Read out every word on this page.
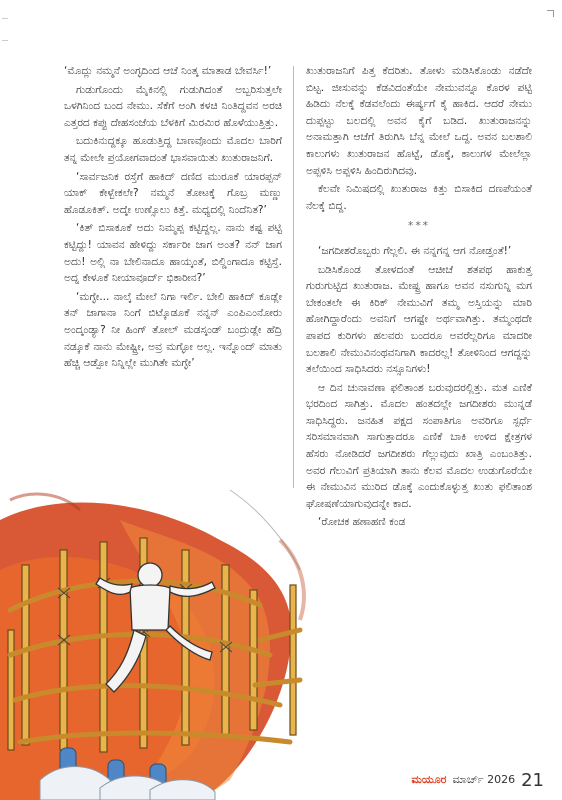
‘ಮೊದ್ಲು ನಮ್ಮನೆ ಅಂಗ್ಳದಿಂದ ಆಚೆ ನಿಂತ್ಕ ಮಾತಾಡ ಬೇವರ್ಸಿ!’

ಗುಡುಗೊಂದು ಮೈಕಿನಲ್ಲಿ ಗುಡುಗಿದಂತೆ ಅಬ್ಬರಿಸುತ್ತಲೇ ಒಳಗಿನಿಂದ ಬಂದ ನೇಮು. ಸೆಕೆಗೆ ಅಂಗಿ ಕಳಚಿ ನಿಂತಿದ್ದವನ ಅರಚಿ ಎತ್ತರದ ಕಪ್ಪು ದೇಹಸಂಜೆಯ ಬೆಳಕಿಗೆ ಮಿರಮಿರ ಹೊಳೆಯುತ್ತಿತ್ತು.

ಬದುಕಿನುದ್ದಕ್ಕೂ ಹೂಡುತ್ತಿದ್ದ ಬಾಣವೊಂದು ಮೊದಲ ಬಾರಿಗೆ ತನ್ನ ಮೇಲೇ ಪ್ರಯೋಗವಾದಂತೆ ಭಾಸವಾಯಿತು ಖುತುರಾಜನಿಗೆ.

‘ಸಾರ್ವಜನಿಕ ರಸ್ತೆಗೆ ಹಾಕಿದ್ ದಣಿದ ಮುರೂಕೆ ಯಾರಪ್ಪನ್ ಯಾಕ್ ಕೇಳ್ಬೇಕಲೇ? ನಮ್ಮನೆ ತೋಟಕ್ಕೆ ಗೊಬ್ರ ಮಣ್ಣು ಹೊಡೂಕಿತ್. ಅದ್ಕೇ ಉಣ್ಸೊಲು ಕಿತ್ತೆ. ಮಧ್ಯದಲ್ಲಿ ನಿಂದೆನಿತ?’

‘ಕಿತ್ ಬಿಸಾಕೂಕೆ ಅದು ನಿಮ್ಮಪ್ಪ ಕಟ್ಟಿದ್ದಲ್ಲ. ನಾನು ಕಷ್ಟ ಪಟ್ಟಿ ಕಟ್ಟಿದ್ದು! ಯಾವನ ಹೇಳಿದ್ದು ಸರ್ಕಾರೀ ಜಾಗ ಅಂತ? ನನ್ ಜಾಗ ಅದು! ಅಲ್ಲಿ ನಾ ಬೇಲಿನಾದೂ ಹಾಯ್ಕಂತೆ, ಬಿಲ್ಡಿಂಗಾದೂ ಕಟ್ಟಿಸ್ತೆ. ಅದ್ನ ಕೇಳೂಕೆ ನೀಯಾವೂರ್ದ್ ಭಿಕಾರೀನ?’

‘ಮಗ್ಳೇ... ನಾಲ್ಕೆ ಮೇಲೆ ನಿಗಾ ಇರ್ಲಿ. ಬೇಲಿ ಹಾಕಿದ್ ಕೂಡ್ಲೇ ತನ್ ಜಾಗಾನಾ ನಿಂಗೆ ಬಿಟ್ಕೊಡೂಕೆ ನನ್ನನ್ ಎಂಪಿಎಂನೋರು ಅಂದ್ಕಂಡ್ಯಾ? ನೀ ಹಿಂಗ್ ತೋಲ್ ಮಡಸ್ಕಂಡ್ ಬಂದ್ರುಡ್ಲೇ ಹೆದ್ರಿ ನಡ್ಕೂಕೆ ನಾನು ಮೇಷ್ಟ್ರೀ, ಅವ್ರ ಮಗ್ಳೋ ಅಲ್ಲ. ಇನ್ನೊಂದ್ ಮಾತು ಹೆಚ್ಚಿ ಆಡ್ಪೋ ನಿನ್ನಿಲ್ಲೇ ಮುಗಿತೇ ಮಗ್ಳೇ’

ಖುತುರಾಜನಿಗೆ ಪಿತ್ತ ಕೆದರಿತು. ತೋಳು ಮಡಿಸಿಕೊಂಡು ನಡೆದೇ ಬಿಟ್ಟ. ಜೀಸುವನ್ನು ಕೆಡವಿದಂತೆಯೇ ನೇಮುವನ್ನೂ ಕೊರಳ ಪಟ್ಟಿ ಹಿಡಿದು ನೆಲಕ್ಕೆ ಕೆಡವಲೆಂದು ಈರ್ಷ್ಯಗೆ ಕೈ ಹಾಕಿದ. ಆದರೆ ನೇಮು ದುಪ್ಪಟ್ಟು ಬಲದಲ್ಲಿ ಅವನ ಕೈಗೆ ಬಡಿದ. ಖುತುರಾಜನನ್ನು ಅನಾಮತ್ತಾಗಿ ಆಚೆಗೆ ತಿರುಗಿಸಿ ಬೆನ್ನ ಮೇಲೆ ಒದ್ದ. ಅವನ ಬಲಶಾಲಿ ಕಾಲುಗಳು ಖುತುರಾಜನ ಹೊಟ್ಟೆ, ಡೊಕ್ಕೆ, ಕಾಲುಗಳ ಮೇಲೆಲ್ಲಾ ಅಪ್ಪಳಿಸಿ ಅಪ್ಪಳಿಸಿ ಹಿಂದಿರುಗಿದವು.

ಕೆಲವೇ ನಿಮಿಷದಲ್ಲಿ ಖುತುರಾಜ ಕಿತ್ತು ಬಿಸಾಕಿದ ದಣಪೆಯಂತೆ ನೆಲಕ್ಕೆ ಬಿದ್ದ.

***

‘ಜಗದೀಶರೊಬ್ಬರು ಗೆಲ್ಲಲಿ. ಈ ನನ್ನಗನ್ನ ಆಗ ನೋಡ್ತಂತೆ!’

ಬಡಿಸಿಕೊಂಡ ತೋಳದಂತೆ ಆಚೀಚೆ ಶತಪಥ ಹಾಕುತ್ತ ಗುರುಗುಟ್ಟಿದ ಖುತುರಾಜ. ಮೇಷ್ಟ್ರ ಹಾಗೂ ಅವನ ನಸುಗುನ್ನಿ ಮಗ ಬೇಕಂತಲೇ ಈ ಕಿರಿಕ್ ನೇಮುವಿಗೆ ತಮ್ಮ ಅಸ್ತಿಯನ್ನು ಮಾರಿ ಹೋಗಿದ್ದಾರೆಂದು ಅವನಿಗೆ ಆಗಷ್ಟೇ ಅರ್ಥವಾಗಿತ್ತು. ತಮ್ಮಂಥದೇ ಪಾಪದ ಕುರಿಗಳು ಹಲವರು ಬಂದರೂ ಅವರೆಲ್ಲರಿಗೂ ಮಾದರೀ ಬಲಶಾಲಿ ನೇಮುವಿನಂಥವನಿಗಾಗಿ ಕಾದರಲ್ಲ! ತೋಳಿನಿಂದ ಆಗದ್ದನ್ನು ತಲೆಯಿಂದ ಸಾಧಿಸಿದರು ನಸ್ಸೂನಿಗಳು!

ಆ ದಿನ ಚುನಾವಣಾ ಫಲಿತಾಂಶ ಬರುವುದರಲ್ಲಿತ್ತು. ಮತ ಎಣಿಕೆ ಭರದಿಂದ ಸಾಗಿತ್ತು. ಮೊದಲ ಹಂತದಲ್ಲೇ ಜಗದೀಶರು ಮುನ್ನಡೆ ಸಾಧಿಸಿದ್ದರು. ಜನಹಿತ ಪಕ್ಷದ ಸಂಪಾತಿಗೂ ಅವರಿಗೂ ಸ್ಪರ್ಧೆ ಸರಿಸಮಾನವಾಗಿ ಸಾಗುತ್ತಾದರೂ ಎಣಿಕೆ ಬಾಕಿ ಉಳಿದ ಕ್ಷೇತ್ರಗಳ ಹೆಸರು ನೋಡಿದರೆ ಜಗದೀಶರು ಗೆಲ್ಲುವುದು ಖಾತ್ರಿ ಎಂಬಂತಿತ್ತು. ಅವರ ಗೆಲುವಿಗೆ ಪ್ರತಿಯಾಗಿ ತಾನು ಕೆಲವ ಮೊದಲ ಉಡುಗೊರೆಯೇ ಈ ನೇಮುವಿನ ಮುರಿದ ಡೊಕ್ಕೆ ಎಂದುಕೊಳ್ಳುತ್ತ ಖುತು ಫಲಿತಾಂಶ ಘೋಷಣೆಯಾಗುವುದನ್ನೇ ಕಾದ.

‘ರೋಚಕ ಹಣಾಹಣಿ ಕಂಡ

ಮಯೂರ ಮಾರ್ಚ್ 2026 21
